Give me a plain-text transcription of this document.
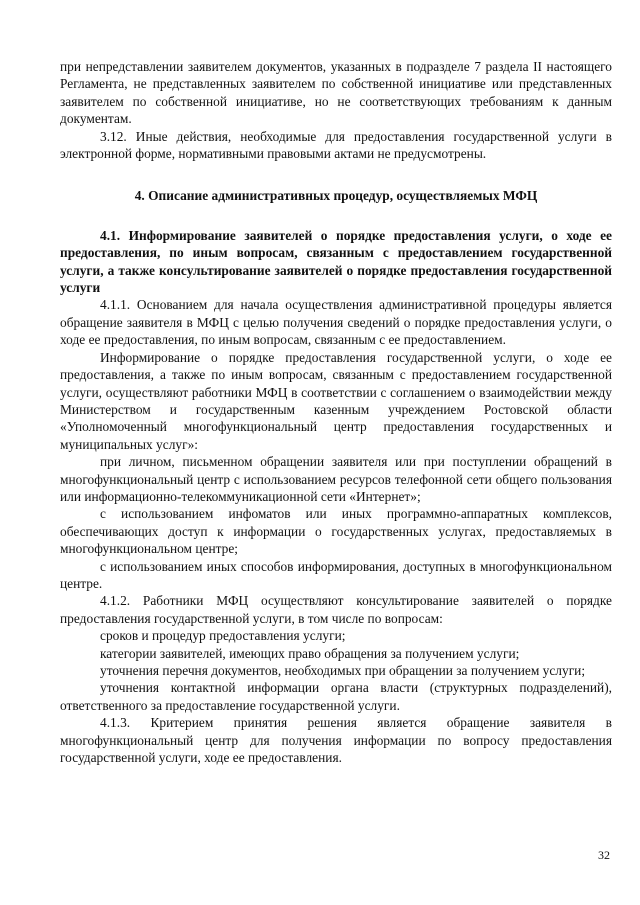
при непредставлении заявителем документов, указанных в подразделе 7 раздела II настоящего Регламента, не представленных заявителем по собственной инициативе или представленных заявителем по собственной инициативе, но не соответствующих требованиям к данным документам.

3.12. Иные действия, необходимые для предоставления государственной услуги в электронной форме, нормативными правовыми актами не предусмотрены.

4. Описание административных процедур, осуществляемых МФЦ

4.1. Информирование заявителей о порядке предоставления услуги, о ходе ее предоставления, по иным вопросам, связанным с предоставлением государственной услуги, а также консультирование заявителей о порядке предоставления государственной услуги

4.1.1. Основанием для начала осуществления административной процедуры является обращение заявителя в МФЦ с целью получения сведений о порядке предоставления услуги, о ходе ее предоставления, по иным вопросам, связанным с ее предоставлением.

Информирование о порядке предоставления государственной услуги, о ходе ее предоставления, а также по иным вопросам, связанным с предоставлением государственной услуги, осуществляют работники МФЦ в соответствии с соглашением о взаимодействии между Министерством и государственным казенным учреждением Ростовской области «Уполномоченный многофункциональный центр предоставления государственных и муниципальных услуг»:

при личном, письменном обращении заявителя или при поступлении обращений в многофункциональный центр с использованием ресурсов телефонной сети общего пользования или информационно-телекоммуникационной сети «Интернет»;

с использованием инфоматов или иных программно-аппаратных комплексов, обеспечивающих доступ к информации о государственных услугах, предоставляемых в многофункциональном центре;

с использованием иных способов информирования, доступных в многофункциональном центре.

4.1.2. Работники МФЦ осуществляют консультирование заявителей о порядке предоставления государственной услуги, в том числе по вопросам:

сроков и процедур предоставления услуги;

категории заявителей, имеющих право обращения за получением услуги;

уточнения перечня документов, необходимых при обращении за получением услуги;

уточнения контактной информации органа власти (структурных подразделений), ответственного за предоставление государственной услуги.

4.1.3. Критерием принятия решения является обращение заявителя в многофункциональный центр для получения информации по вопросу предоставления государственной услуги, ходе ее предоставления.

32
